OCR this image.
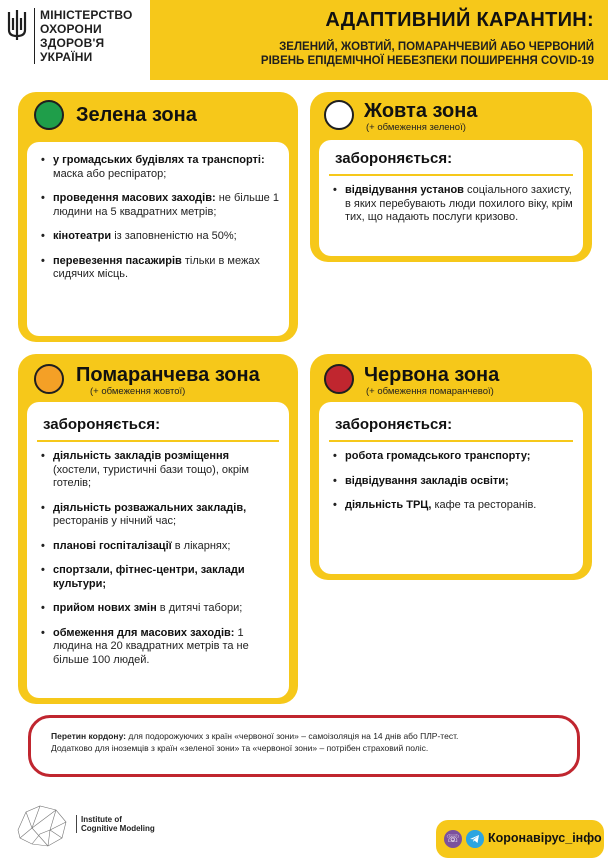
МІНІСТЕРСТВО
ОХОРОНИ
ЗДОРОВ'Я
УКРАЇНИ
АДАПТИВНИЙ КАРАНТИН:
ЗЕЛЕНИЙ, ЖОВТИЙ, ПОМАРАНЧЕВИЙ АБО ЧЕРВОНИЙ
РІВЕНЬ ЕПІДЕМІЧНОЇ НЕБЕЗПЕКИ ПОШИРЕННЯ COVID-19
Зелена зона
• у громадських будівлях та транспорті: маска або респіратор;
• проведення масових заходів: не більше 1 людини на 5 квадратних метрів;
• кінотеатри із заповненістю на 50%;
• перевезення пасажирів тільки в межах сидячих місць.
Жовта зона
(+ обмеження зеленої)
забороняється:
• відвідування установ соціального захисту, в яких перебувають люди похилого віку, крім тих, що надають послуги кризово.
Помаранчева зона
(+ обмеження жовтої)
забороняється:
• діяльність закладів розміщення (хостели, туристичні бази тощо), окрім готелів;
• діяльність розважальних закладів, ресторанів у нічний час;
• планові госпіталізації в лікарнях;
• спортзали, фітнес-центри, заклади культури;
• прийом нових змін в дитячі табори;
• обмеження для масових заходів: 1 людина на 20 квадратних метрів та не більше 100 людей.
Червона зона
(+ обмеження помаранчевої)
забороняється:
• робота громадського транспорту;
• відвідування закладів освіти;
• діяльність ТРЦ, кафе та ресторанів.
Перетин кордону: для подорожуючих з країн «червоної зони» – самоізоляція на 14 днів або ПЛР-тест.
Додатково для іноземців з країн «зеленої зони» та «червоної зони» – потрібен страховий поліс.
Institute of
Cognitive Modeling
☏ Коронавірус_інфо
